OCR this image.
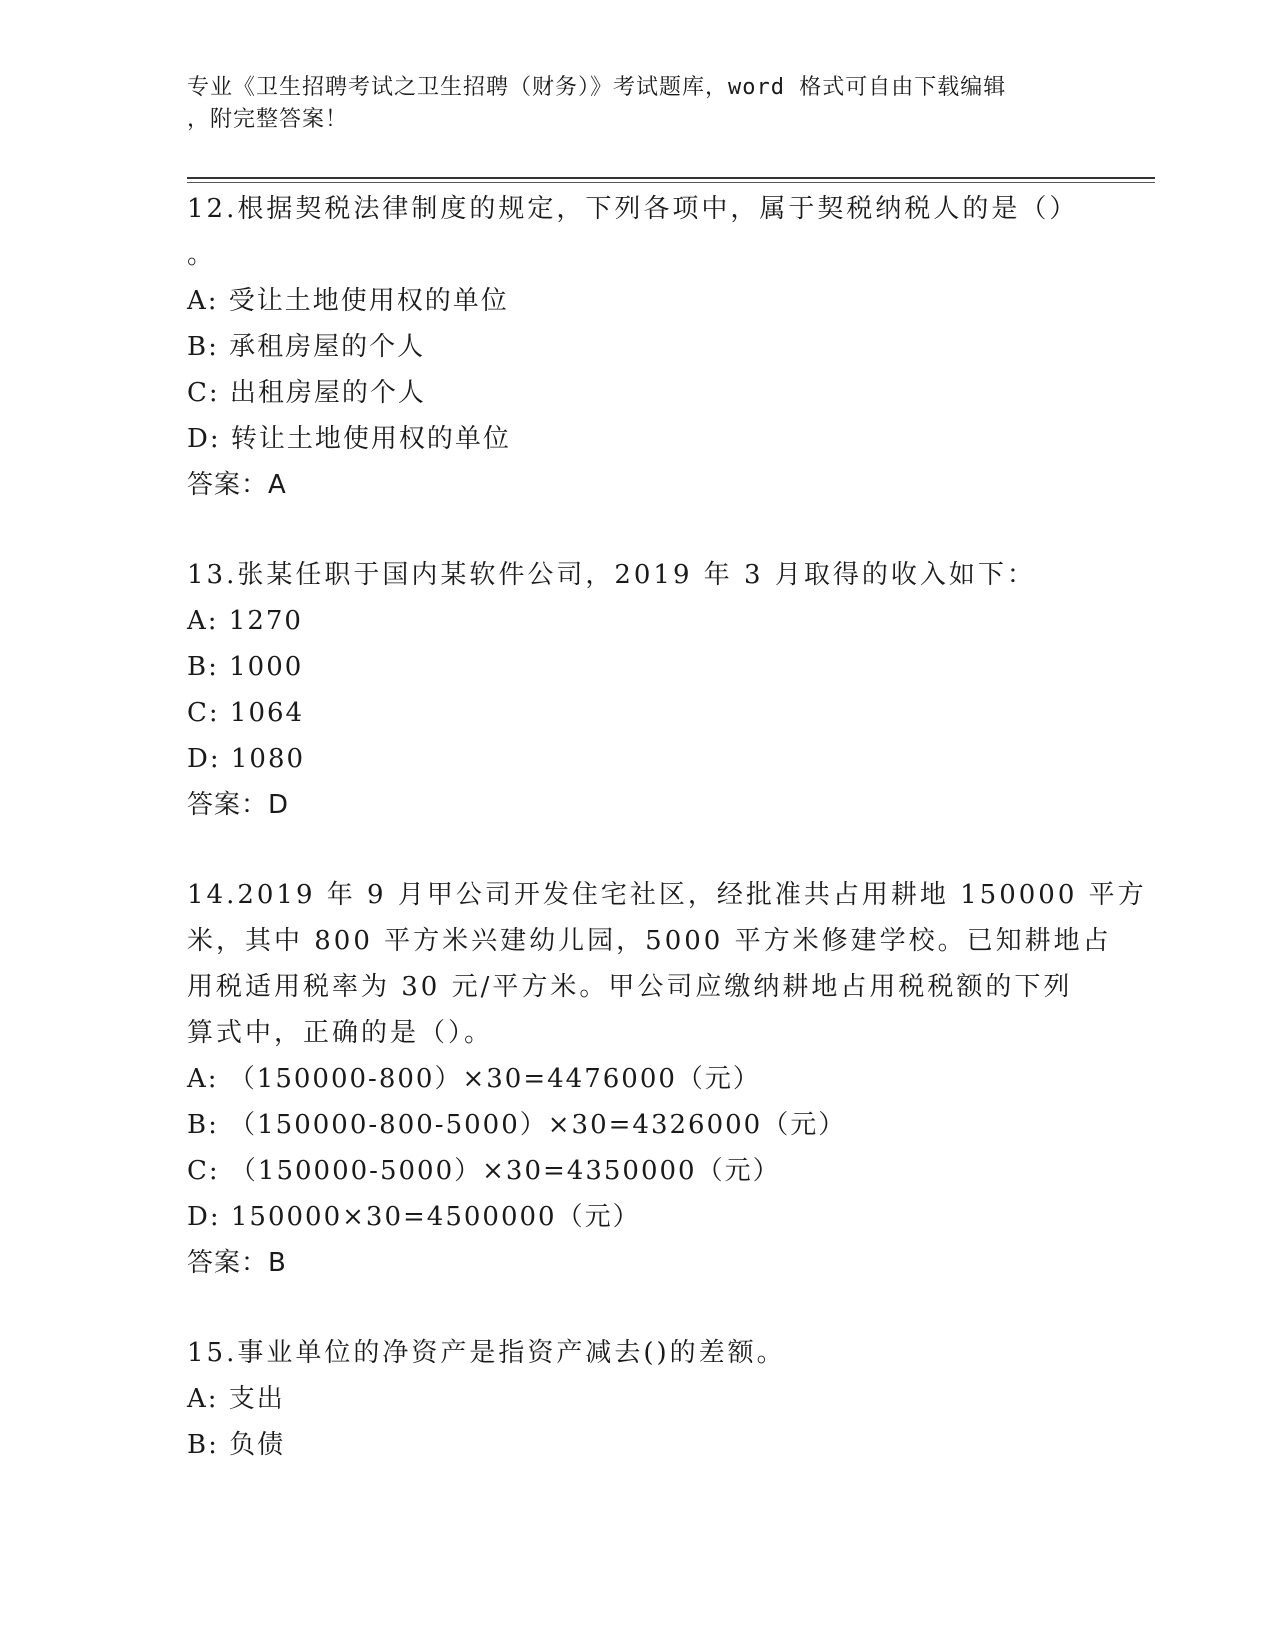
专业《卫生招聘考试之卫生招聘（财务）》考试题库，word 格式可自由下载编辑
，附完整答案！
12.根据契税法律制度的规定，下列各项中，属于契税纳税人的是（）
。
A: 受让土地使用权的单位
B: 承租房屋的个人
C: 出租房屋的个人
D: 转让土地使用权的单位
答案：A
13.张某任职于国内某软件公司，2019 年 3 月取得的收入如下：
A: 1270
B: 1000
C: 1064
D: 1080
答案：D
14.2019 年 9 月甲公司开发住宅社区，经批准共占用耕地 150000 平方
米，其中 800 平方米兴建幼儿园，5000 平方米修建学校。已知耕地占
用税适用税率为 30 元/平方米。甲公司应缴纳耕地占用税税额的下列
算式中，正确的是（）。
A: （150000-800）×30=4476000（元）
B: （150000-800-5000）×30=4326000（元）
C: （150000-5000）×30=4350000（元）
D: 150000×30=4500000（元）
答案：B
15.事业单位的净资产是指资产减去()的差额。
A: 支出
B: 负债
